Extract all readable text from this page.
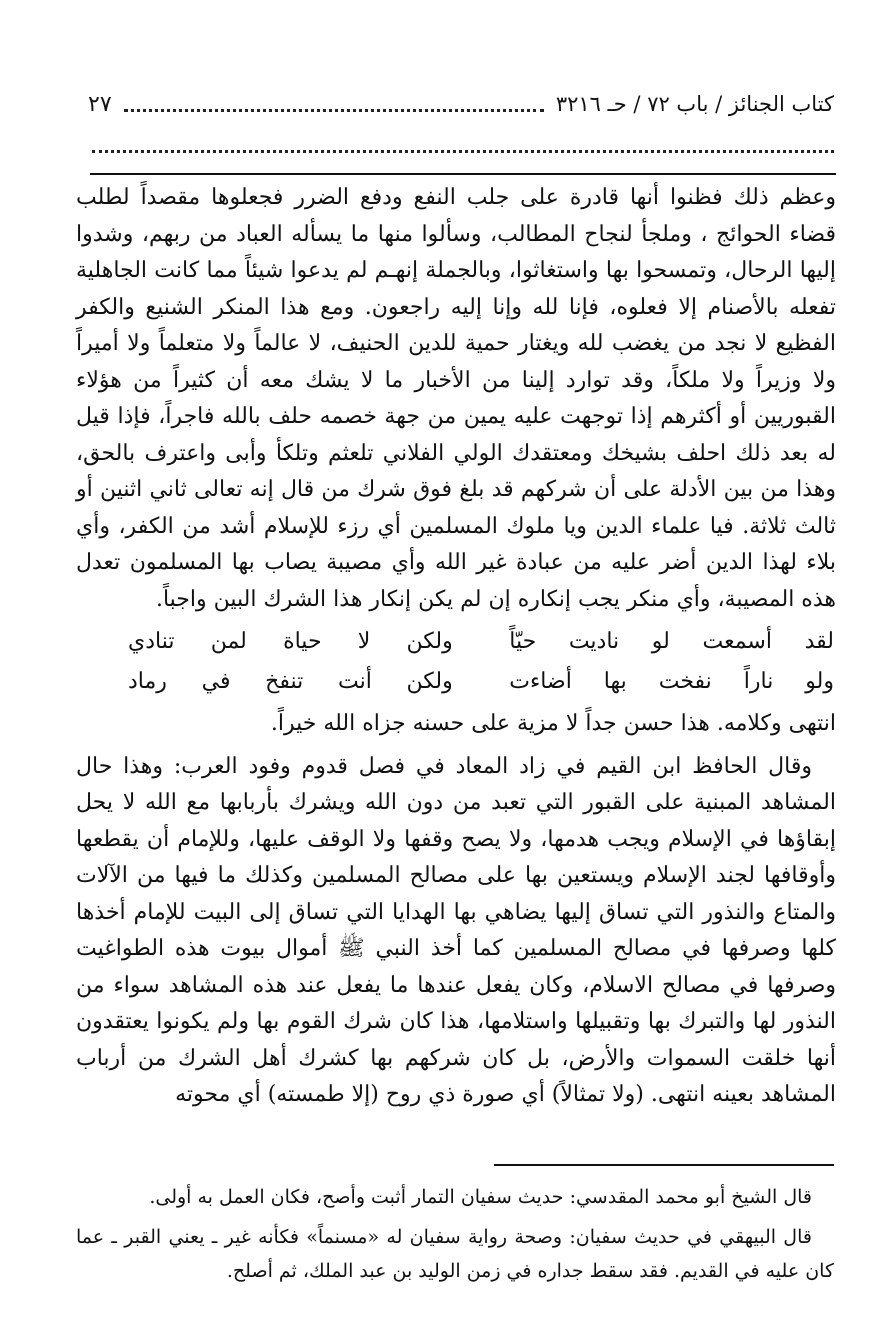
كتاب الجنائز / باب ٧٢ / حـ ٣٢١٦
٢٧

وعظم ذلك فظنوا أنها قادرة على جلب النفع ودفع الضرر فجعلوها مقصداً لطلب قضاء الحوائج ، وملجأ لنجاح المطالب، وسألوا منها ما يسأله العباد من ربهم، وشدوا إليها الرحال، وتمسحوا بها واستغاثوا، وبالجملة إنهـم لم يدعوا شيئاً مما كانت الجاهلية تفعله بالأصنام إلا فعلوه، فإنا لله وإنا إليه راجعون. ومع هذا المنكر الشنيع والكفر الفظيع لا نجد من يغضب لله ويغتار حمية للدين الحنيف، لا عالماً ولا متعلماً ولا أميراً ولا وزيراً ولا ملكاً، وقد توارد إلينا من الأخبار ما لا يشك معه أن كثيراً من هؤلاء القبوريين أو أكثرهم إذا توجهت عليه يمين من جهة خصمه حلف بالله فاجراً، فإذا قيل له بعد ذلك احلف بشيخك ومعتقدك الولي الفلاني تلعثم وتلكأ وأبى واعترف بالحق، وهذا من بين الأدلة على أن شركهم قد بلغ فوق شرك من قال إنه تعالى ثاني اثنين أو ثالث ثلاثة. فيا علماء الدين ويا ملوك المسلمين أي رزء للإسلام أشد من الكفر، وأي بلاء لهذا الدين أضر عليه من عبادة غير الله وأي مصيبة يصاب بها المسلمون تعدل هذه المصيبة، وأي منكر يجب إنكاره إن لم يكن إنكار هذا الشرك البين واجباً.

لقد أسمعت لو ناديت حيّاً
ولكن لا حياة لمن تنادي
ولو ناراً نفخت بها أضاءت
ولكن أنت تنفخ في رماد

انتهى وكلامه. هذا حسن جداً لا مزية على حسنه جزاه الله خيراً.

وقال الحافظ ابن القيم في زاد المعاد في فصل قدوم وفود العرب: وهذا حال المشاهد المبنية على القبور التي تعبد من دون الله ويشرك بأربابها مع الله لا يحل إبقاؤها في الإسلام ويجب هدمها، ولا يصح وقفها ولا الوقف عليها، وللإمام أن يقطعها وأوقافها لجند الإسلام ويستعين بها على مصالح المسلمين وكذلك ما فيها من الآلات والمتاع والنذور التي تساق إليها يضاهي بها الهدايا التي تساق إلى البيت للإمام أخذها كلها وصرفها في مصالح المسلمين كما أخذ النبي ﷺ أموال بيوت هذه الطواغيت وصرفها في مصالح الاسلام، وكان يفعل عندها ما يفعل عند هذه المشاهد سواء من النذور لها والتبرك بها وتقبيلها واستلامها، هذا كان شرك القوم بها ولم يكونوا يعتقدون أنها خلقت السموات والأرض، بل كان شركهم بها كشرك أهل الشرك من أرباب المشاهد بعينه انتهى. (ولا تمثالاً) أي صورة ذي روح (إلا طمسته) أي محوته

قال الشيخ أبو محمد المقدسي: حديث سفيان التمار أثبت وأصح، فكان العمل به أولى.

قال البيهقي في حديث سفيان: وصحة رواية سفيان له «مسنماً» فكأنه غير ـ يعني القبر ـ عما كان عليه في القديم. فقد سقط جداره في زمن الوليد بن عبد الملك، ثم أصلح.
